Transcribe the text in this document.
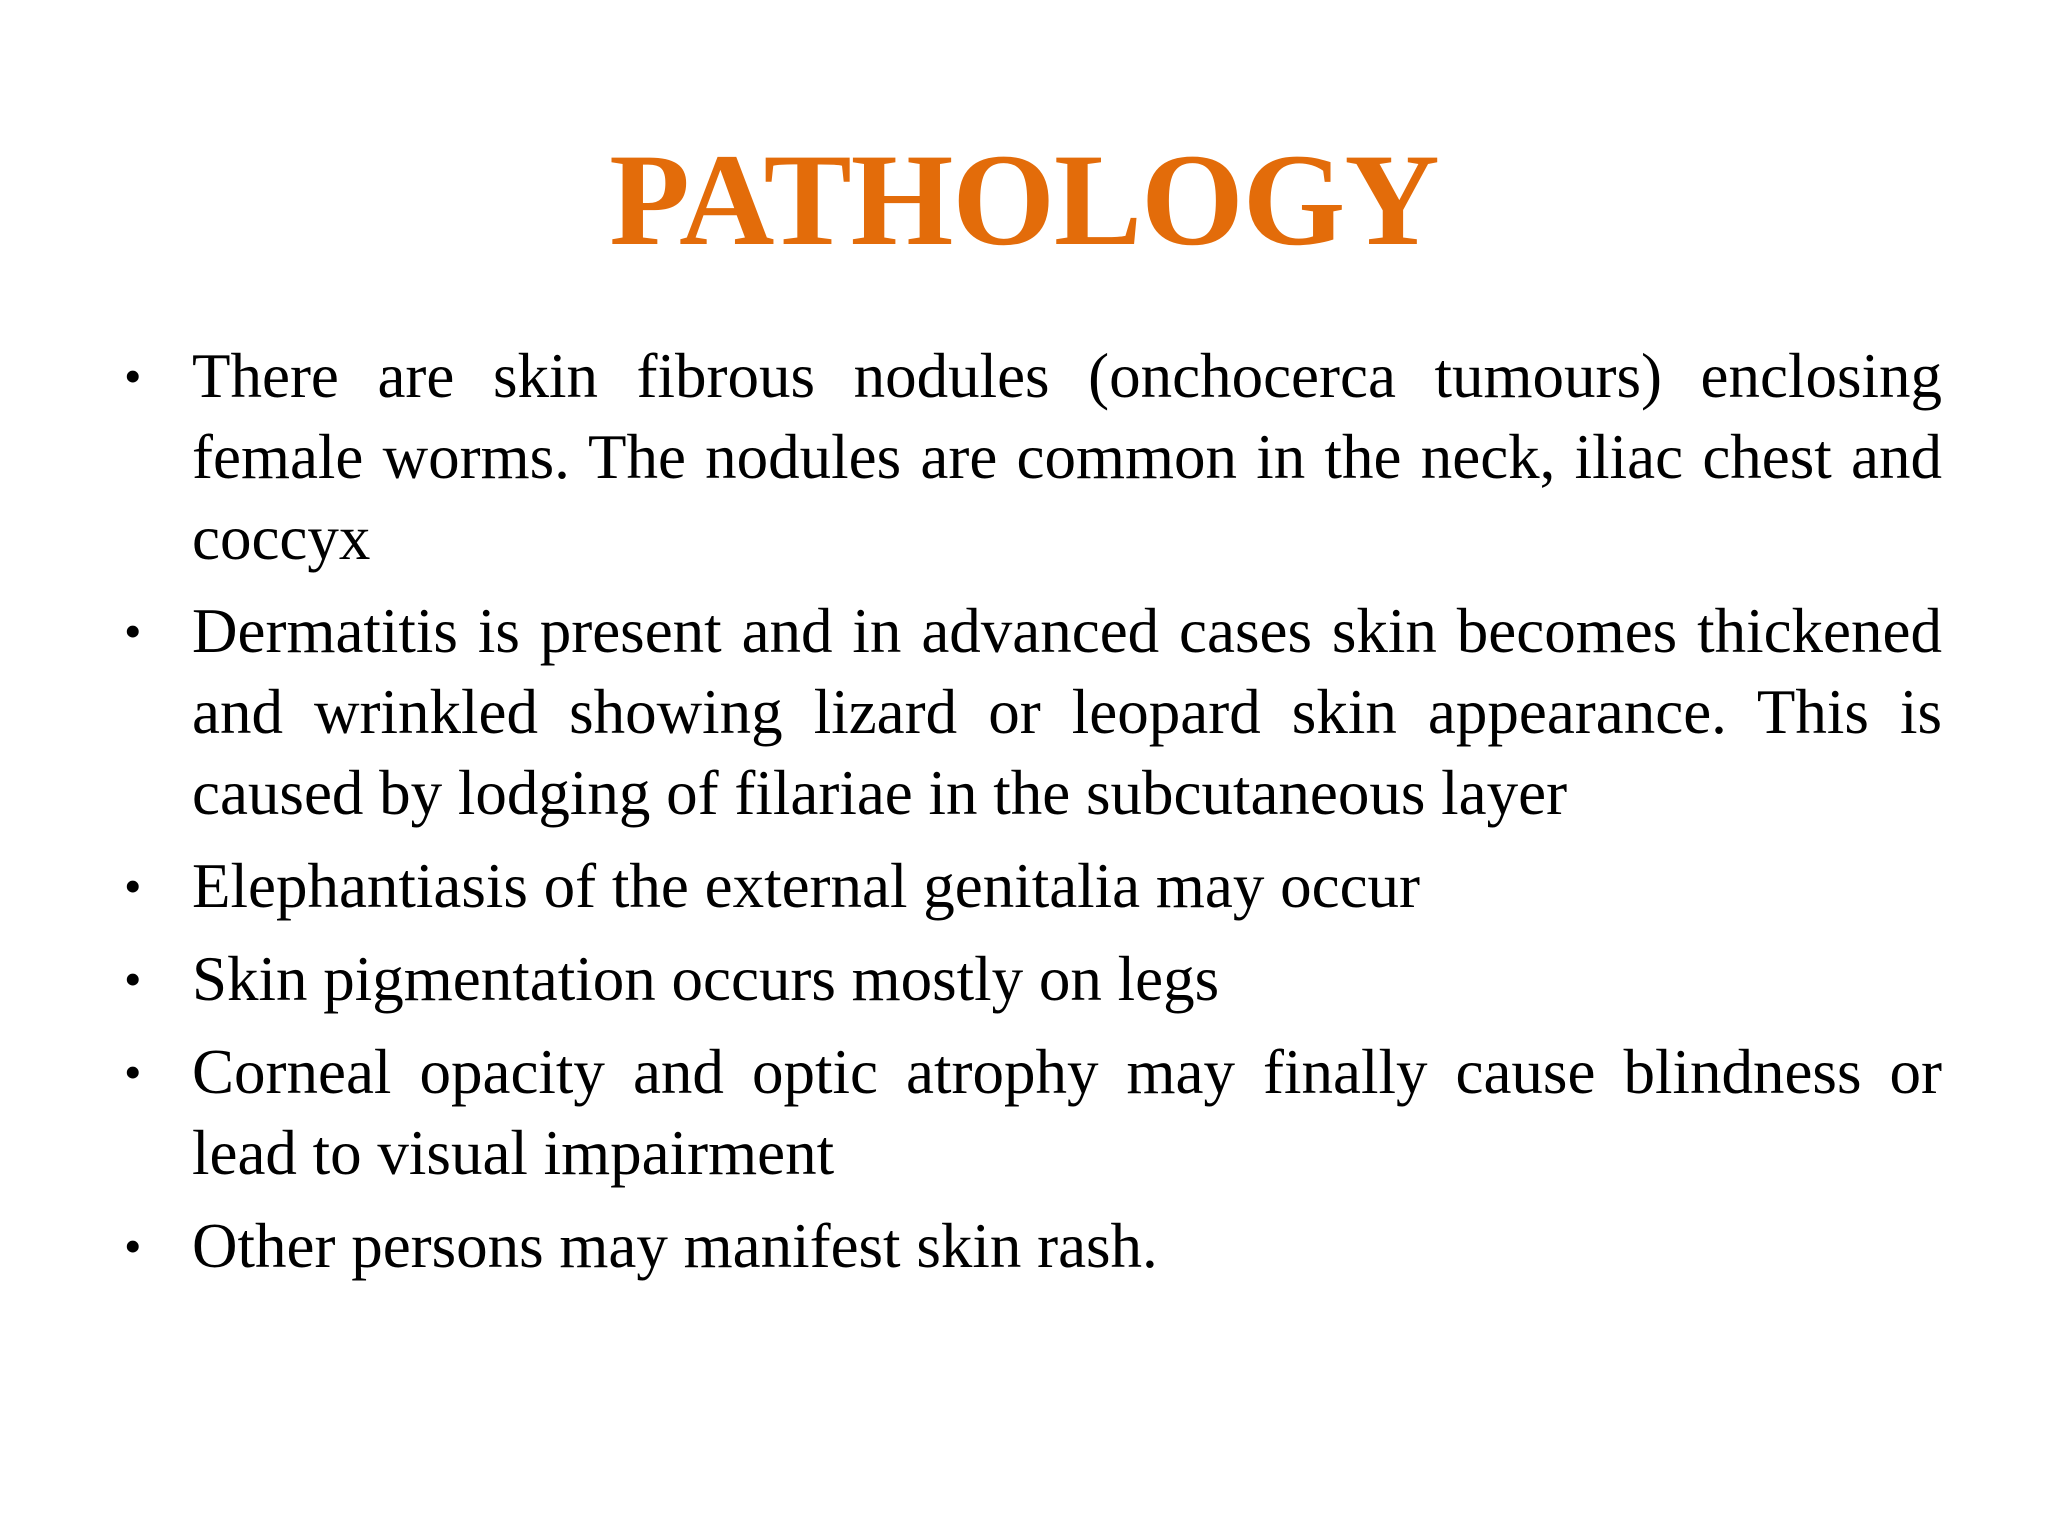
PATHOLOGY
• There are skin fibrous nodules (onchocerca tumours) enclosing female worms. The nodules are common in the neck, iliac chest and coccyx
• Dermatitis is present and in advanced cases skin becomes thickened and wrinkled showing lizard or leopard skin appearance. This is caused by lodging of filariae in the subcutaneous layer
• Elephantiasis of the external genitalia may occur
• Skin pigmentation occurs mostly on legs
• Corneal opacity and optic atrophy may finally cause blindness or lead to visual impairment
• Other persons may manifest skin rash.
